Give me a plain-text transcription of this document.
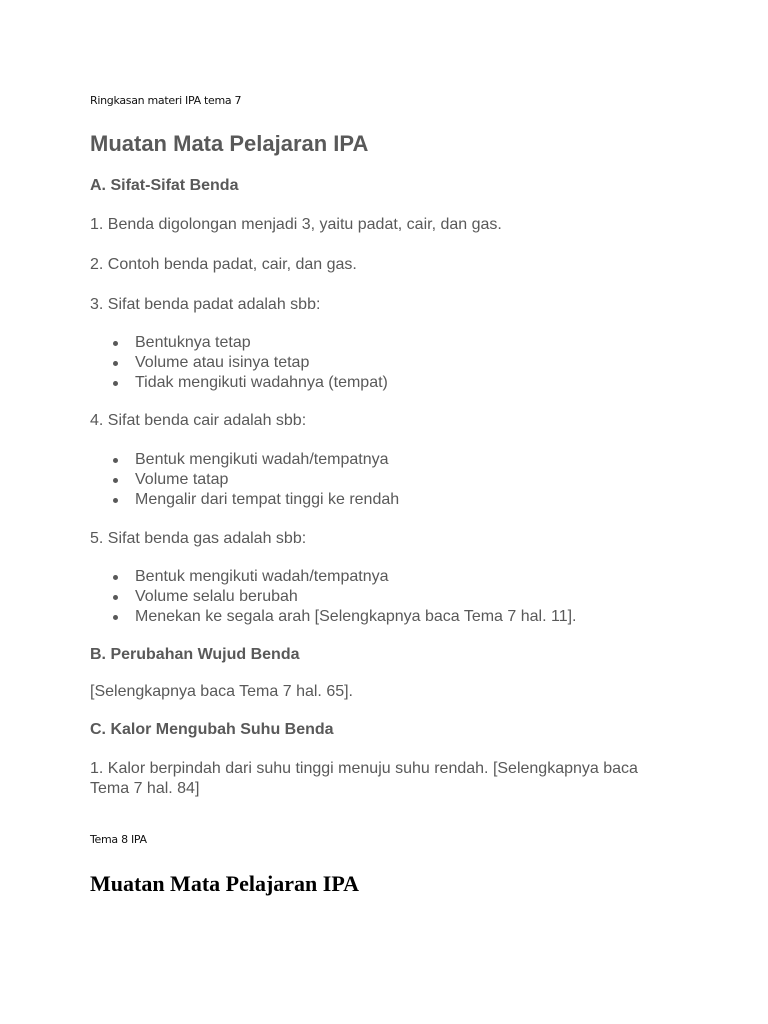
Ringkasan materi IPA tema 7

Muatan Mata Pelajaran IPA
A. Sifat-Sifat Benda

1. Benda digolongan menjadi 3, yaitu padat, cair, dan gas.

2. Contoh benda padat, cair, dan gas.

3. Sifat benda padat adalah sbb:

Bentuknya tetap
Volume atau isinya tetap
Tidak mengikuti wadahnya (tempat)

4. Sifat benda cair adalah sbb:

Bentuk mengikuti wadah/tempatnya
Volume tatap
Mengalir dari tempat tinggi ke rendah

5. Sifat benda gas adalah sbb:

Bentuk mengikuti wadah/tempatnya
Volume selalu berubah
Menekan ke segala arah [Selengkapnya baca Tema 7 hal. 11].
B. Perubahan Wujud Benda

[Selengkapnya baca Tema 7 hal. 65].

C. Kalor Mengubah Suhu Benda

1. Kalor berpindah dari suhu tinggi menuju suhu rendah. [Selengkapnya baca

Tema 7 hal. 84]

Tema 8 IPA

Muatan Mata Pelajaran IPA
